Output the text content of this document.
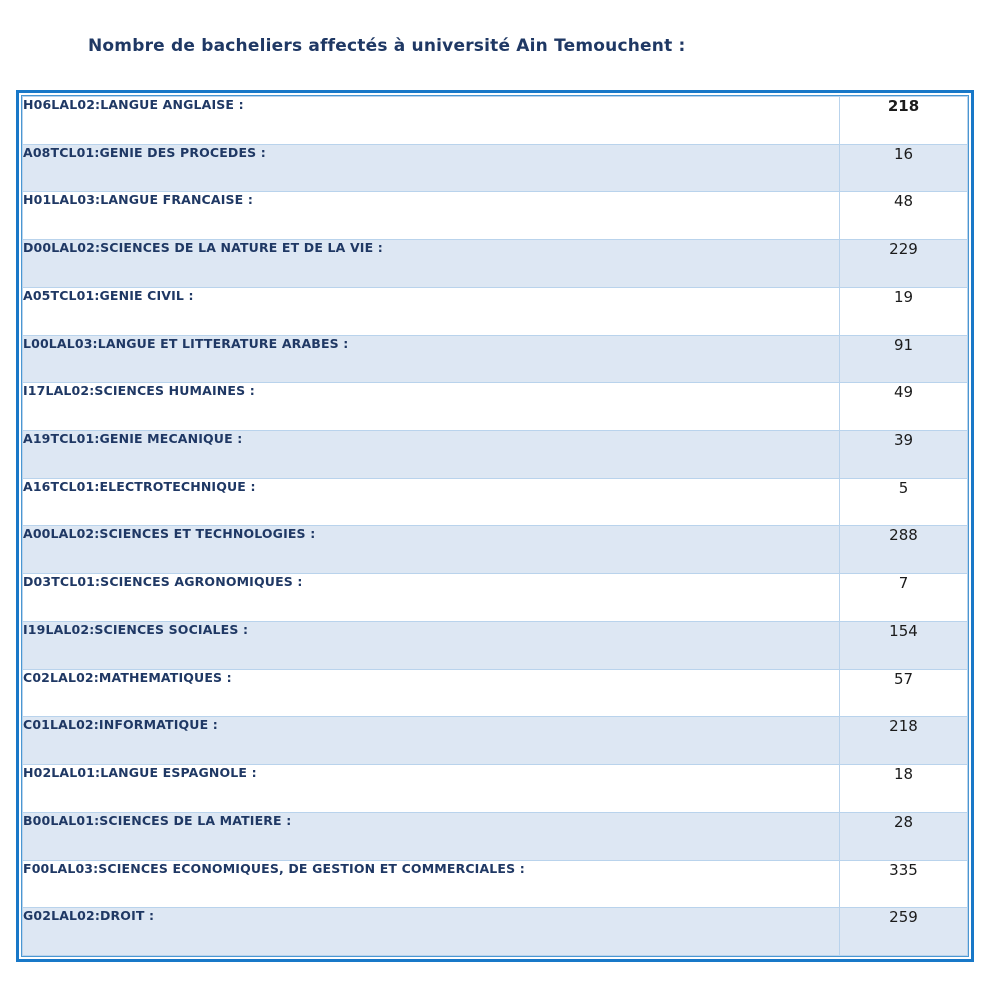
Nombre de bacheliers affectés à université Ain Temouchent :
H06LAL02:LANGUE ANGLAISE :	218
A08TCL01:GENIE DES PROCEDES :	16
H01LAL03:LANGUE FRANCAISE :	48
D00LAL02:SCIENCES DE LA NATURE ET DE LA VIE :	229
A05TCL01:GENIE CIVIL :	19
L00LAL03:LANGUE ET LITTERATURE ARABES :	91
I17LAL02:SCIENCES HUMAINES :	49
A19TCL01:GENIE MECANIQUE :	39
A16TCL01:ELECTROTECHNIQUE :	5
A00LAL02:SCIENCES ET TECHNOLOGIES :	288
D03TCL01:SCIENCES AGRONOMIQUES :	7
I19LAL02:SCIENCES SOCIALES :	154
C02LAL02:MATHEMATIQUES :	57
C01LAL02:INFORMATIQUE :	218
H02LAL01:LANGUE ESPAGNOLE :	18
B00LAL01:SCIENCES DE LA MATIERE :	28
F00LAL03:SCIENCES ECONOMIQUES, DE GESTION ET COMMERCIALES :	335
G02LAL02:DROIT :	259
